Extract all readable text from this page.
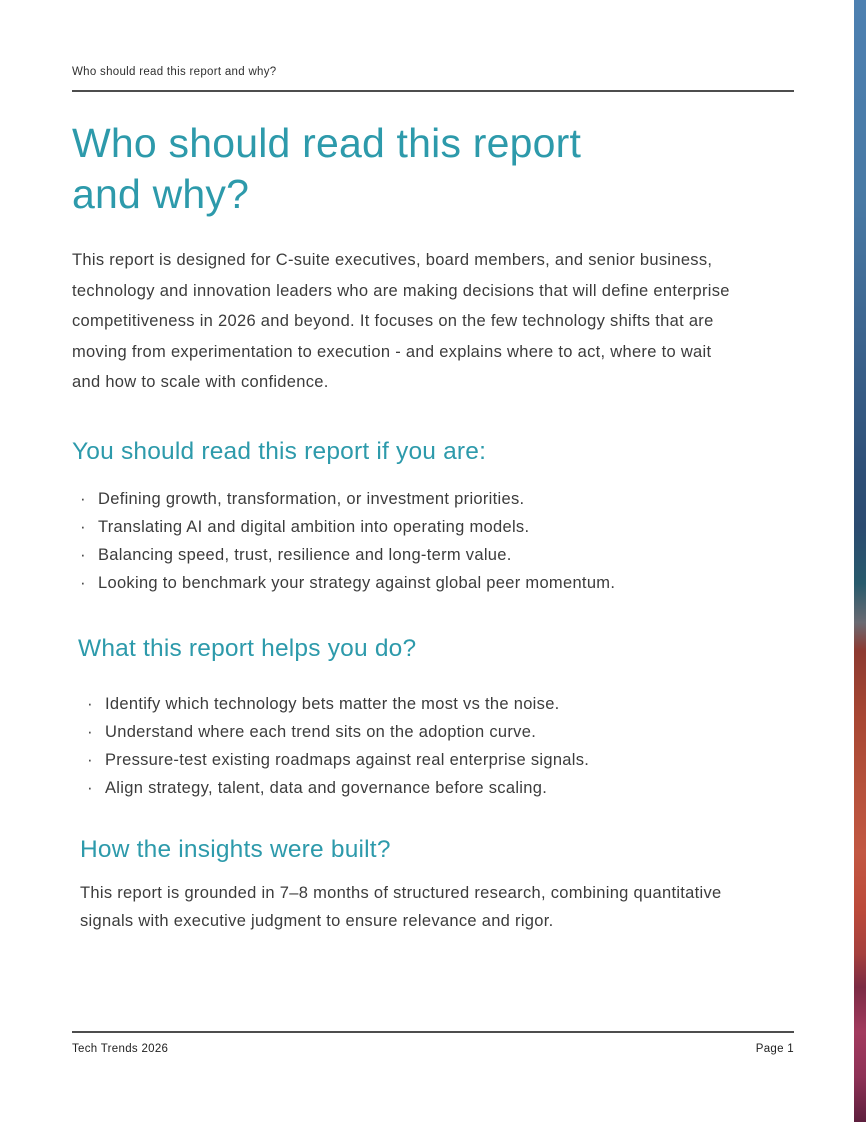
Who should read this report and why?
Who should read this report
and why?

This report is designed for C-suite executives, board members, and senior business, technology and innovation leaders who are making decisions that will define enterprise competitiveness in 2026 and beyond. It focuses on the few technology shifts that are moving from experimentation to execution - and explains where to act, where to wait and how to scale with confidence.

You should read this report if you are:
· Defining growth, transformation, or investment priorities.
· Translating AI and digital ambition into operating models.
· Balancing speed, trust, resilience and long-term value.
· Looking to benchmark your strategy against global peer momentum.
What this report helps you do?
· Identify which technology bets matter the most vs the noise.
· Understand where each trend sits on the adoption curve.
· Pressure-test existing roadmaps against real enterprise signals.
· Align strategy, talent, data and governance before scaling.
How the insights were built?

This report is grounded in 7–8 months of structured research, combining quantitative signals with executive judgment to ensure relevance and rigor.

Tech Trends 2026	Page 1
